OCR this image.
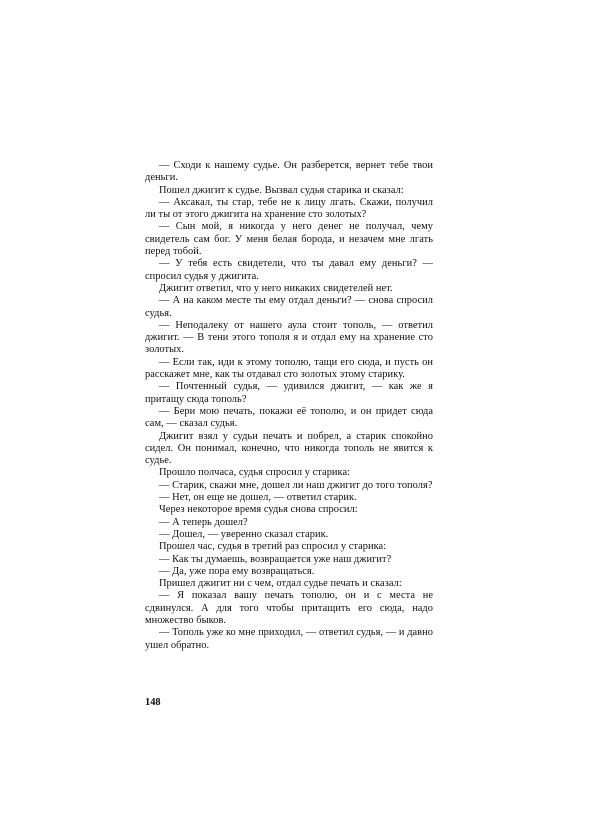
— Сходи к нашему судье. Он разберется, вернет тебе твои деньги.

Пошел джигит к судье. Вызвал судья старика и сказал:

— Аксакал, ты стар, тебе не к лицу лгать. Скажи, получил ли ты от этого джигита на хранение сто золотых?

— Сын мой, я никогда у него денег не получал, чему свидетель сам бог. У меня белая борода, и незачем мне лгать перед тобой.

— У тебя есть свидетели, что ты давал ему деньги? — спросил судья у джигита.

Джигит ответил, что у него никаких свидетелей нет.

— А на каком месте ты ему отдал деньги? — снова спросил судья.

— Неподалеку от нашего аула стоит тополь, — ответил джигит. — В тени этого тополя я и отдал ему на хранение сто золотых.

— Если так, иди к этому тополю, тащи его сюда, и пусть он расскажет мне, как ты отдавал сто золотых этому старику.

— Почтенный судья, — удивился джигит, — как же я притащу сюда тополь?

— Бери мою печать, покажи её тополю, и он придет сюда сам, — сказал судья.

Джигит взял у судьи печать и побрел, а старик спокойно сидел. Он понимал, конечно, что никогда тополь не явится к судье.

Прошло полчаса, судья спросил у старика:

— Старик, скажи мне, дошел ли наш джигит до того тополя?

— Нет, он еще не дошел, — ответил старик.

Через некоторое время судья снова спросил:

— А теперь дошел?

— Дошел, — уверенно сказал старик.

Прошел час, судья в третий раз спросил у старика:

— Как ты думаешь, возвращается уже наш джигит?

— Да, уже пора ему возвращаться.

Пришел джигит ни с чем, отдал судье печать и сказал:

— Я показал вашу печать тополю, он и с места не сдвинулся. А для того чтобы притащить его сюда, надо множество быков.

— Тополь уже ко мне приходил, — ответил судья, — и давно ушел обратно.

148
